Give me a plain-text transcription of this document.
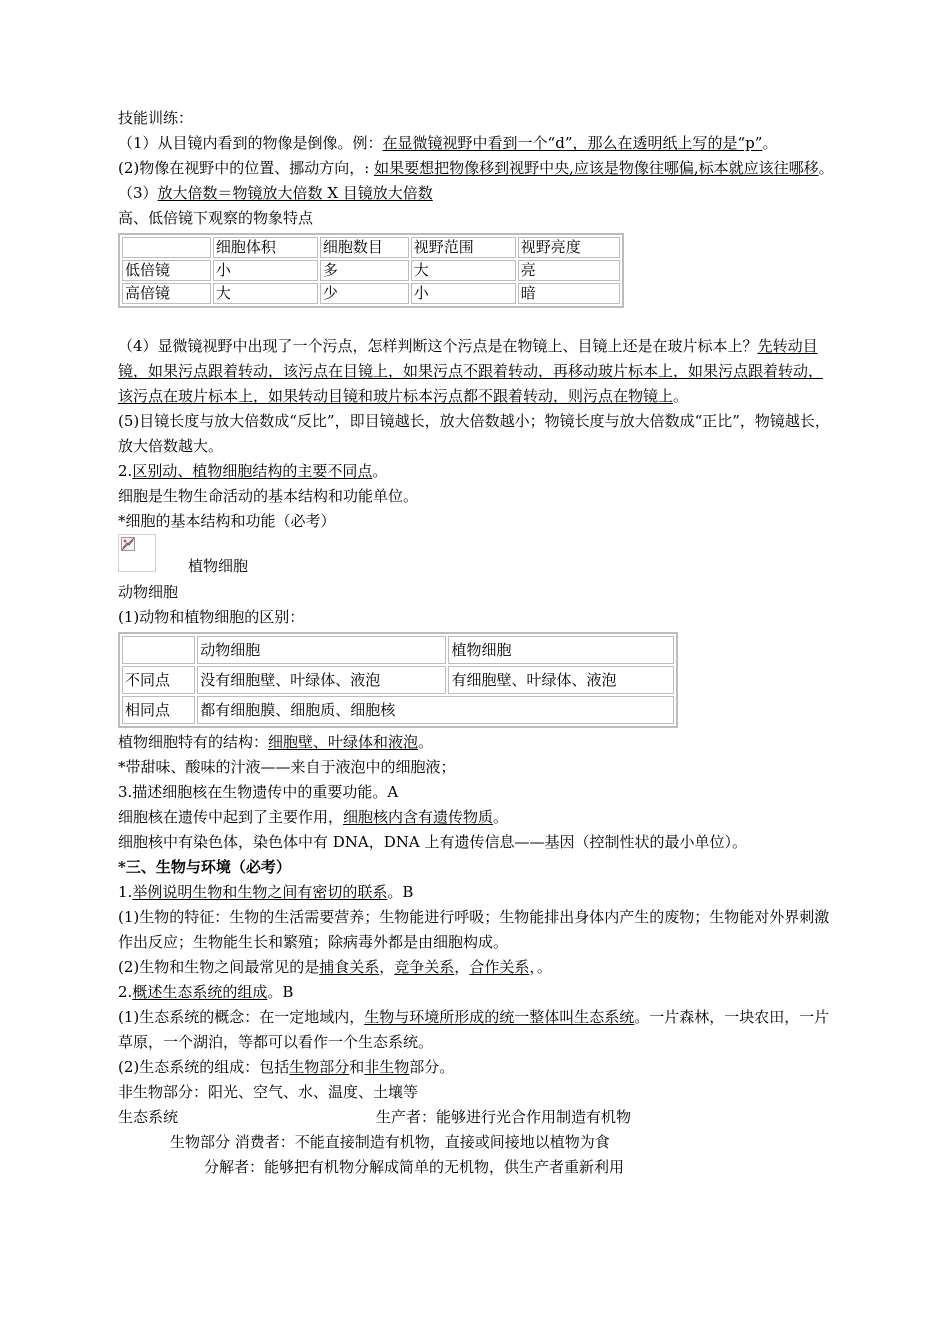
技能训练：

（1）从目镜内看到的物像是倒像。例：在显微镜视野中看到一个“d”，那么在透明纸上写的是“p”。

(2)物像在视野中的位置、挪动方向，: 如果要想把物像移到视野中央,应该是物像往哪偏,标本就应该往哪移。

（3）放大倍数＝物镜放大倍数 X 目镜放大倍数

高、低倍镜下观察的物象特点

	细胞体积	细胞数目	视野范围	视野亮度
低倍镜	小	多	大	亮
高倍镜	大	少	小	暗

（4）显微镜视野中出现了一个污点，怎样判断这个污点是在物镜上、目镜上还是在玻片标本上？先转动目镜，如果污点跟着转动，该污点在目镜上，如果污点不跟着转动，再移动玻片标本上，如果污点跟着转动，该污点在玻片标本上，如果转动目镜和玻片标本污点都不跟着转动，则污点在物镜上。

(5)目镜长度与放大倍数成“反比”，即目镜越长，放大倍数越小；物镜长度与放大倍数成“正比”，物镜越长，放大倍数越大。

2.区别动、植物细胞结构的主要不同点。

细胞是生物生命活动的基本结构和功能单位。

*细胞的基本结构和功能（必考）

植物细胞

动物细胞

(1)动物和植物细胞的区别：

	动物细胞	植物细胞
不同点	没有细胞壁、叶绿体、液泡	有细胞壁、叶绿体、液泡
相同点	都有细胞膜、细胞质、细胞核	

植物细胞特有的结构：细胞壁、叶绿体和液泡。

*带甜味、酸味的汁液——来自于液泡中的细胞液；

3.描述细胞核在生物遗传中的重要功能。A

细胞核在遗传中起到了主要作用，细胞核内含有遗传物质。

细胞核中有染色体，染色体中有 DNA，DNA 上有遗传信息——基因（控制性状的最小单位）。

*三、生物与环境（必考）

1.举例说明生物和生物之间有密切的联系。B

(1)生物的特征：生物的生活需要营养；生物能进行呼吸；生物能排出身体内产生的废物；生物能对外界刺激作出反应；生物能生长和繁殖；除病毒外都是由细胞构成。

(2)生物和生物之间最常见的是捕食关系，竞争关系，合作关系，。

2.概述生态系统的组成。B

(1)生态系统的概念：在一定地域内，生物与环境所形成的统一整体叫生态系统。一片森林，一块农田，一片草原，一个湖泊，等都可以看作一个生态系统。

(2)生态系统的组成：包括生物部分和非生物部分。

非生物部分：阳光、空气、水、温度、土壤等

生态系统	生产者：能够进行光合作用制造有机物

生物部分 消费者：不能直接制造有机物，直接或间接地以植物为食

分解者：能够把有机物分解成简单的无机物，供生产者重新利用
